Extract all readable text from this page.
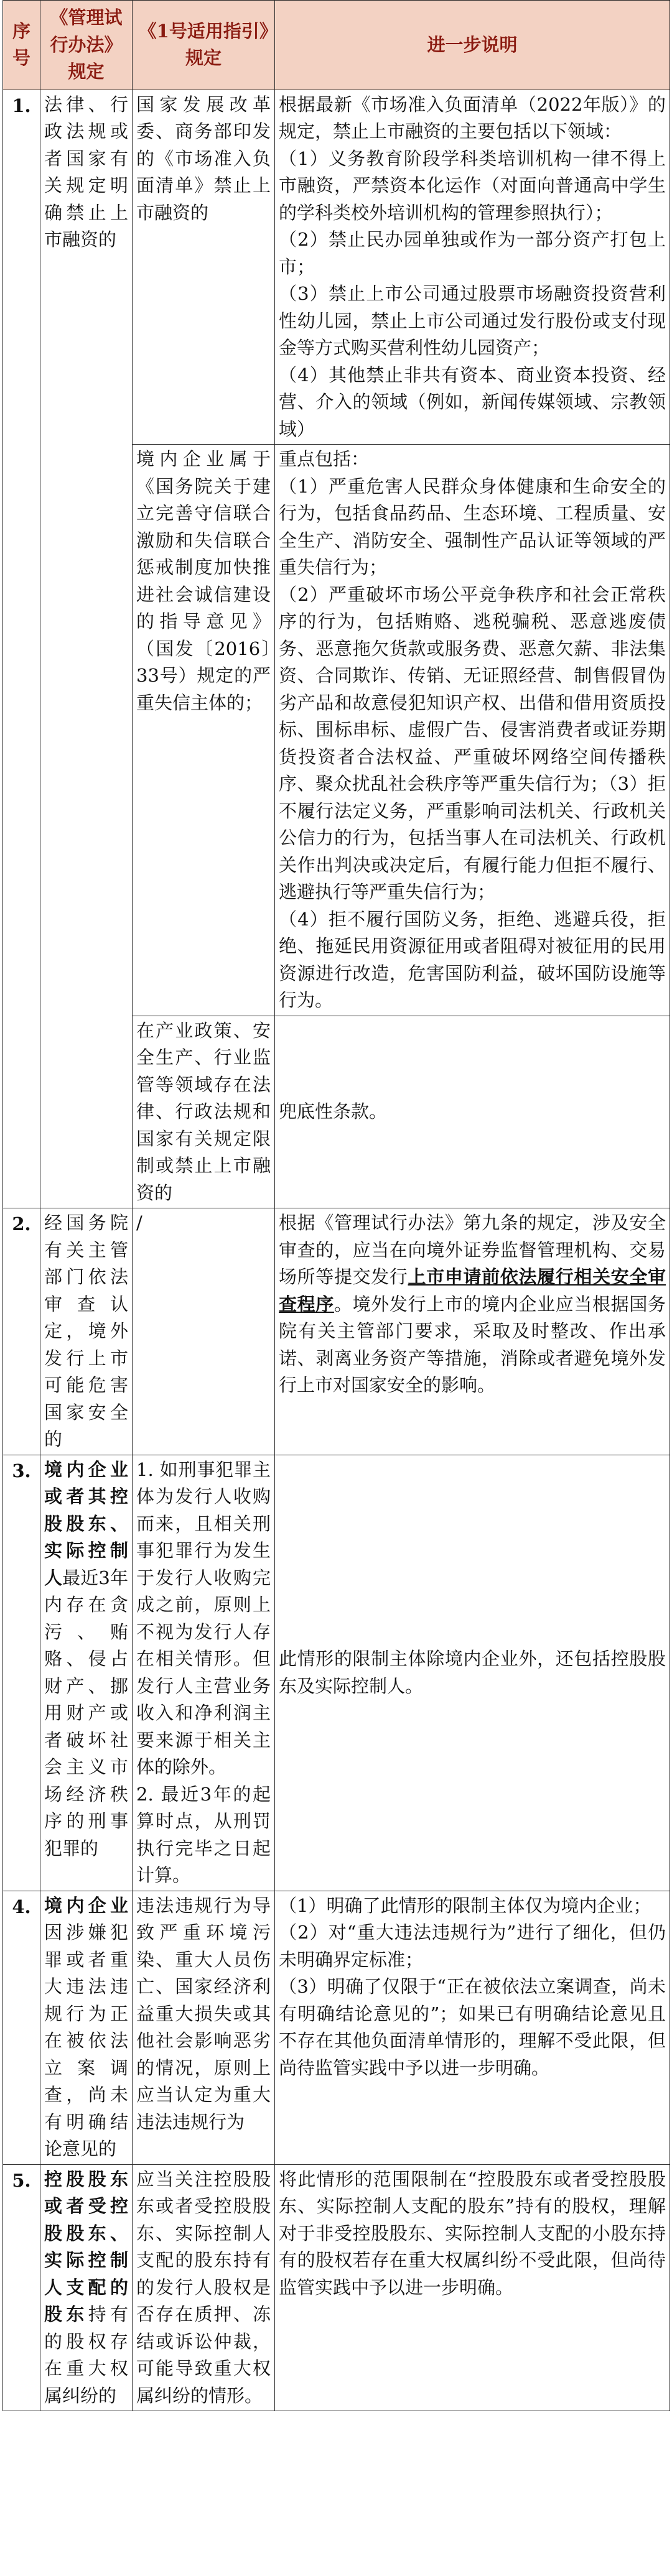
序号	《管理试行办法》规定	《1号适用指引》规定	进一步说明
1.	法律、行政法规或者国家有关规定明确禁止上市融资的	国家发展改革委、商务部印发的《市场准入负面清单》禁止上市融资的	根据最新《市场准入负面清单（2022年版）》的规定，禁止上市融资的主要包括以下领域：
（1）义务教育阶段学科类培训机构一律不得上市融资，严禁资本化运作（对面向普通高中学生的学科类校外培训机构的管理参照执行）；
（2）禁止民办园单独或作为一部分资产打包上市；
（3）禁止上市公司通过股票市场融资投资营利性幼儿园，禁止上市公司通过发行股份或支付现金等方式购买营利性幼儿园资产；
（4）其他禁止非共有资本、商业资本投资、经营、介入的领域（例如，新闻传媒领域、宗教领域）

		境内企业属于《国务院关于建立完善守信联合激励和失信联合惩戒制度加快推进社会诚信建设的指导意见》（国发〔2016〕33号）规定的严重失信主体的；	重点包括：
（1）严重危害人民群众身体健康和生命安全的行为，包括食品药品、生态环境、工程质量、安全生产、消防安全、强制性产品认证等领域的严重失信行为；
（2）严重破坏市场公平竞争秩序和社会正常秩序的行为，包括贿赂、逃税骗税、恶意逃废债务、恶意拖欠货款或服务费、恶意欠薪、非法集资、合同欺诈、传销、无证照经营、制售假冒伪劣产品和故意侵犯知识产权、出借和借用资质投标、围标串标、虚假广告、侵害消费者或证券期货投资者合法权益、严重破坏网络空间传播秩序、聚众扰乱社会秩序等严重失信行为；（3）拒不履行法定义务，严重影响司法机关、行政机关公信力的行为，包括当事人在司法机关、行政机关作出判决或决定后，有履行能力但拒不履行、逃避执行等严重失信行为；
（4）拒不履行国防义务，拒绝、逃避兵役，拒绝、拖延民用资源征用或者阻碍对被征用的民用资源进行改造，危害国防利益，破坏国防设施等行为。

		在产业政策、安全生产、行业监管等领域存在法律、行政法规和国家有关规定限制或禁止上市融资的	兜底性条款。
2.	经国务院有关主管部门依法审查认定，境外发行上市可能危害国家安全的	/	根据《管理试行办法》第九条的规定，涉及安全审查的，应当在向境外证券监督管理机构、交易场所等提交发行上市申请前依法履行相关安全审查程序。境外发行上市的境内企业应当根据国务院有关主管部门要求，采取及时整改、作出承诺、剥离业务资产等措施，消除或者避免境外发行上市对国家安全的影响。
3.	境内企业或者其控股股东、实际控制人最近3年内存在贪污、贿赂、侵占财产、挪用财产或者破坏社会主义市场经济秩序的刑事犯罪的	1. 如刑事犯罪主体为发行人收购而来，且相关刑事犯罪行为发生于发行人收购完成之前，原则上不视为发行人存在相关情形。但发行人主营业务收入和净利润主要来源于相关主体的除外。
2. 最近3年的起算时点，从刑罚执行完毕之日起计算。	此情形的限制主体除境内企业外，还包括控股股东及实际控制人。
4.	境内企业因涉嫌犯罪或者重大违法违规行为正在被依法立案调查，尚未有明确结论意见的	违法违规行为导致严重环境污染、重大人员伤亡、国家经济利益重大损失或其他社会影响恶劣的情况，原则上应当认定为重大违法违规行为	（1）明确了此情形的限制主体仅为境内企业；
（2）对“重大违法违规行为”进行了细化，但仍未明确界定标准；
（3）明确了仅限于“正在被依法立案调查，尚未有明确结论意见的”；如果已有明确结论意见且不存在其他负面清单情形的，理解不受此限，但尚待监管实践中予以进一步明确。

5.	控股股东或者受控股股东、实际控制人支配的股东持有的股权存在重大权属纠纷的	应当关注控股股东或者受控股股东、实际控制人支配的股东持有的发行人股权是否存在质押、冻结或诉讼仲裁，可能导致重大权属纠纷的情形。	将此情形的范围限制在“控股股东或者受控股股东、实际控制人支配的股东”持有的股权，理解对于非受控股股东、实际控制人支配的小股东持有的股权若存在重大权属纠纷不受此限，但尚待监管实践中予以进一步明确。
